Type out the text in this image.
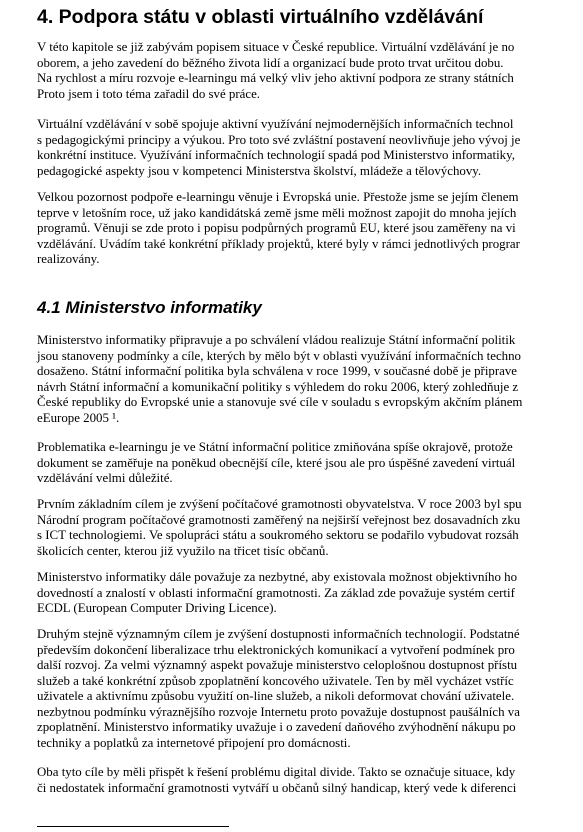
4. Podpora státu v oblasti virtuálního vzdělávání
V této kapitole se již zabývám popisem situace v České republice. Virtuální vzdělávání je no
oborem, a jeho zavedení do běžného života lidí a organizací bude proto trvat určitou dobu.
Na rychlost a míru rozvoje e-learningu má velký vliv jeho aktivní podpora ze strany státních
Proto jsem i toto téma zařadil do své práce.
Virtuální vzdělávání v sobě spojuje aktivní využívání nejmodernějších informačních technol
s pedagogickými principy a výukou. Pro toto své zvláštní postavení neovlivňuje jeho vývoj je
konkrétní instituce. Využívání informačních technologií spadá pod Ministerstvo informatiky,
pedagogické aspekty jsou v kompetenci Ministerstva školství, mládeže a tělovýchovy.
Velkou pozornost podpoře e-learningu věnuje i Evropská unie. Přestože jsme se jejím členem
teprve v letošním roce, už jako kandidátská země jsme měli možnost zapojit do mnoha jejích
programů. Věnuji se zde proto i popisu podpůrných programů EU, které jsou zaměřeny na vi
vzdělávání. Uvádím také konkrétní příklady projektů, které byly v rámci jednotlivých prograr
realizovány.
4.1 Ministerstvo informatiky
Ministerstvo informatiky připravuje a po schválení vládou realizuje Státní informační politik
jsou stanoveny podmínky a cíle, kterých by mělo být v oblasti využívání informačních techno
dosaženo. Státní informační politika byla schválena v roce 1999, v současné době je připrave
návrh Státní informační a komunikační politiky s výhledem do roku 2006, který zohledňuje z
České republiky do Evropské unie a stanovuje své cíle v souladu s evropským akčním plánem
eEurope 2005 ¹.
Problematika e-learningu je ve Státní informační politice zmiňována spíše okrajově, protože
dokument se zaměřuje na poněkud obecnější cíle, které jsou ale pro úspěšné zavedení virtuál
vzdělávání velmi důležité.
Prvním základním cílem je zvýšení počítačové gramotnosti obyvatelstva. V roce 2003 byl spu
Národní program počítačové gramotnosti zaměřený na nejširší veřejnost bez dosavadních zku
s ICT technologiemi. Ve spolupráci státu a soukromého sektoru se podařilo vybudovat rozsáh
školicích center, kterou již využilo na třicet tisíc občanů.
Ministerstvo informatiky dále považuje za nezbytné, aby existovala možnost objektivního ho
dovedností a znalostí v oblasti informační gramotnosti. Za základ zde považuje systém certif
ECDL (European Computer Driving Licence).
Druhým stejně významným cílem je zvýšení dostupnosti informačních technologií. Podstatné
především dokončení liberalizace trhu elektronických komunikací a vytvoření podmínek pro
další rozvoj. Za velmi významný aspekt považuje ministerstvo celoplošnou dostupnost přístu
služeb a také konkrétní způsob zpoplatnění koncového uživatele. Ten by měl vycházet vstříc
uživatele a aktivnímu způsobu využití on-line služeb, a nikoli deformovat chování uživatele.
nezbytnou podmínku výraznějšího rozvoje Internetu proto považuje dostupnost paušálních va
zpoplatnění. Ministerstvo informatiky uvažuje i o zavedení daňového zvýhodnění nákupu po
techniky a poplatků za internetové připojení pro domácnosti.
Oba tyto cíle by měli přispět k řešení problému digital divide. Takto se označuje situace, kdy
či nedostatek informační gramotnosti vytváří u občanů silný handicap, který vede k diferenci
